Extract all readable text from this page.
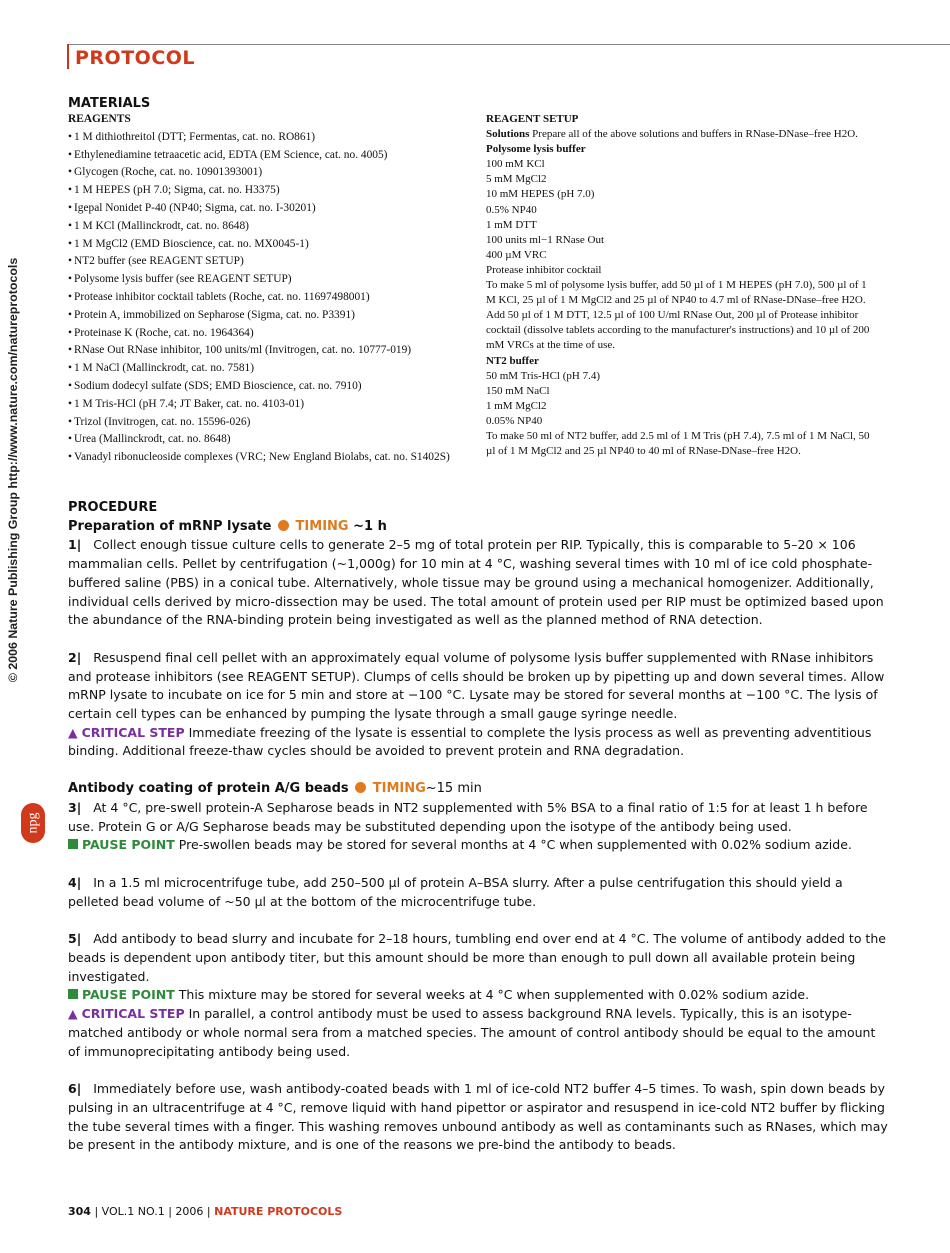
PROTOCOL
© 2006 Nature Publishing Group http://www.nature.com/natureprotocols
npg
MATERIALS
REAGENTS
• 1 M dithiothreitol (DTT; Fermentas, cat. no. RO861)
• Ethylenediamine tetraacetic acid, EDTA (EM Science, cat. no. 4005)
• Glycogen (Roche, cat. no. 10901393001)
• 1 M HEPES (pH 7.0; Sigma, cat. no. H3375)
• Igepal Nonidet P-40 (NP40; Sigma, cat. no. I-30201)
• 1 M KCl (Mallinckrodt, cat. no. 8648)
• 1 M MgCl2 (EMD Bioscience, cat. no. MX0045-1)
• NT2 buffer (see REAGENT SETUP)
• Polysome lysis buffer (see REAGENT SETUP)
• Protease inhibitor cocktail tablets (Roche, cat. no. 11697498001)
• Protein A, immobilized on Sepharose (Sigma, cat. no. P3391)
• Proteinase K (Roche, cat. no. 1964364)
• RNase Out RNase inhibitor, 100 units/ml (Invitrogen, cat. no. 10777-019)
• 1 M NaCl (Mallinckrodt, cat. no. 7581)
• Sodium dodecyl sulfate (SDS; EMD Bioscience, cat. no. 7910)
• 1 M Tris-HCl (pH 7.4; JT Baker, cat. no. 4103-01)
• Trizol (Invitrogen, cat. no. 15596-026)
• Urea (Mallinckrodt, cat. no. 8648)
• Vanadyl ribonucleoside complexes (VRC; New England Biolabs, cat. no. S1402S)
REAGENT SETUP
Solutions Prepare all of the above solutions and buffers in RNase-DNase–free H2O.
Polysome lysis buffer
100 mM KCl
5 mM MgCl2
10 mM HEPES (pH 7.0)
0.5% NP40
1 mM DTT
100 units ml−1 RNase Out
400 µM VRC
Protease inhibitor cocktail
To make 5 ml of polysome lysis buffer, add 50 µl of 1 M HEPES (pH 7.0), 500 µl of 1 M KCl, 25 µl of 1 M MgCl2 and 25 µl of NP40 to 4.7 ml of RNase-DNase–free H2O. Add 50 µl of 1 M DTT, 12.5 µl of 100 U/ml RNase Out, 200 µl of Protease inhibitor cocktail (dissolve tablets according to the manufacturer's instructions) and 10 µl of 200 mM VRCs at the time of use.
NT2 buffer
50 mM Tris-HCl (pH 7.4)
150 mM NaCl
1 mM MgCl2
0.05% NP40
To make 50 ml of NT2 buffer, add 2.5 ml of 1 M Tris (pH 7.4), 7.5 ml of 1 M NaCl, 50 µl of 1 M MgCl2 and 25 µl NP40 to 40 ml of RNase-DNase–free H2O.

PROCEDURE

Preparation of mRNP lysate TIMING ~1 h

1| Collect enough tissue culture cells to generate 2–5 mg of total protein per RIP. Typically, this is comparable to 5–20 × 106 mammalian cells. Pellet by centrifugation (~1,000g) for 10 min at 4 °C, washing several times with 10 ml of ice cold phosphate-buffered saline (PBS) in a conical tube. Alternatively, whole tissue may be ground using a mechanical homogenizer. Additionally, individual cells derived by micro-dissection may be used. The total amount of protein used per RIP must be optimized based upon the abundance of the RNA-binding protein being investigated as well as the planned method of RNA detection.

2| Resuspend final cell pellet with an approximately equal volume of polysome lysis buffer supplemented with RNase inhibitors and protease inhibitors (see REAGENT SETUP). Clumps of cells should be broken up by pipetting up and down several times. Allow mRNP lysate to incubate on ice for 5 min and store at −100 °C. Lysate may be stored for several months at −100 °C. The lysis of certain cell types can be enhanced by pumping the lysate through a small gauge syringe needle.

▲ CRITICAL STEP Immediate freezing of the lysate is essential to complete the lysis process as well as preventing adventitious binding. Additional freeze-thaw cycles should be avoided to prevent protein and RNA degradation.

Antibody coating of protein A/G beads TIMING~15 min

3| At 4 °C, pre-swell protein-A Sepharose beads in NT2 supplemented with 5% BSA to a final ratio of 1:5 for at least 1 h before use. Protein G or A/G Sepharose beads may be substituted depending upon the isotype of the antibody being used.

PAUSE POINT Pre-swollen beads may be stored for several months at 4 °C when supplemented with 0.02% sodium azide.

4| In a 1.5 ml microcentrifuge tube, add 250–500 µl of protein A–BSA slurry. After a pulse centrifugation this should yield a pelleted bead volume of ~50 µl at the bottom of the microcentrifuge tube.

5| Add antibody to bead slurry and incubate for 2–18 hours, tumbling end over end at 4 °C. The volume of antibody added to the beads is dependent upon antibody titer, but this amount should be more than enough to pull down all available protein being investigated.

PAUSE POINT This mixture may be stored for several weeks at 4 °C when supplemented with 0.02% sodium azide.

▲ CRITICAL STEP In parallel, a control antibody must be used to assess background RNA levels. Typically, this is an isotype-matched antibody or whole normal sera from a matched species. The amount of control antibody should be equal to the amount of immunoprecipitating antibody being used.

6| Immediately before use, wash antibody-coated beads with 1 ml of ice-cold NT2 buffer 4–5 times. To wash, spin down beads by pulsing in an ultracentrifuge at 4 °C, remove liquid with hand pipettor or aspirator and resuspend in ice-cold NT2 buffer by flicking the tube several times with a finger. This washing removes unbound antibody as well as contaminants such as RNases, which may be present in the antibody mixture, and is one of the reasons we pre-bind the antibody to beads.

304 | VOL.1 NO.1 | 2006 | NATURE PROTOCOLS
